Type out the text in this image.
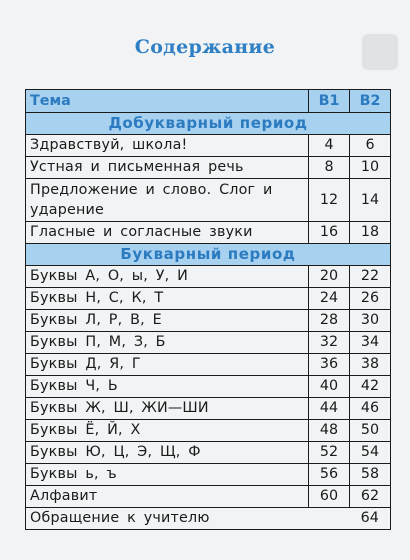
Содержание
Тема	В1	В2
Добукварный период		
Здравствуй, школа!	4	6
Устная и письменная речь	8	10
Предложение и слово. Слог и ударение	12	14
Гласные и согласные звуки	16	18
Букварный период		
Буквы А, О, ы, У, И	20	22
Буквы Н, С, К, Т	24	26
Буквы Л, Р, В, Е	28	30
Буквы П, М, З, Б	32	34
Буквы Д, Я, Г	36	38
Буквы Ч, Ь	40	42
Буквы Ж, Ш, ЖИ—ШИ	44	46
Буквы Ё, Й, Х	48	50
Буквы Ю, Ц, Э, Щ, Ф	52	54
Буквы ь, ъ	56	58
Алфавит	60	62
Обращение к учителю		64
